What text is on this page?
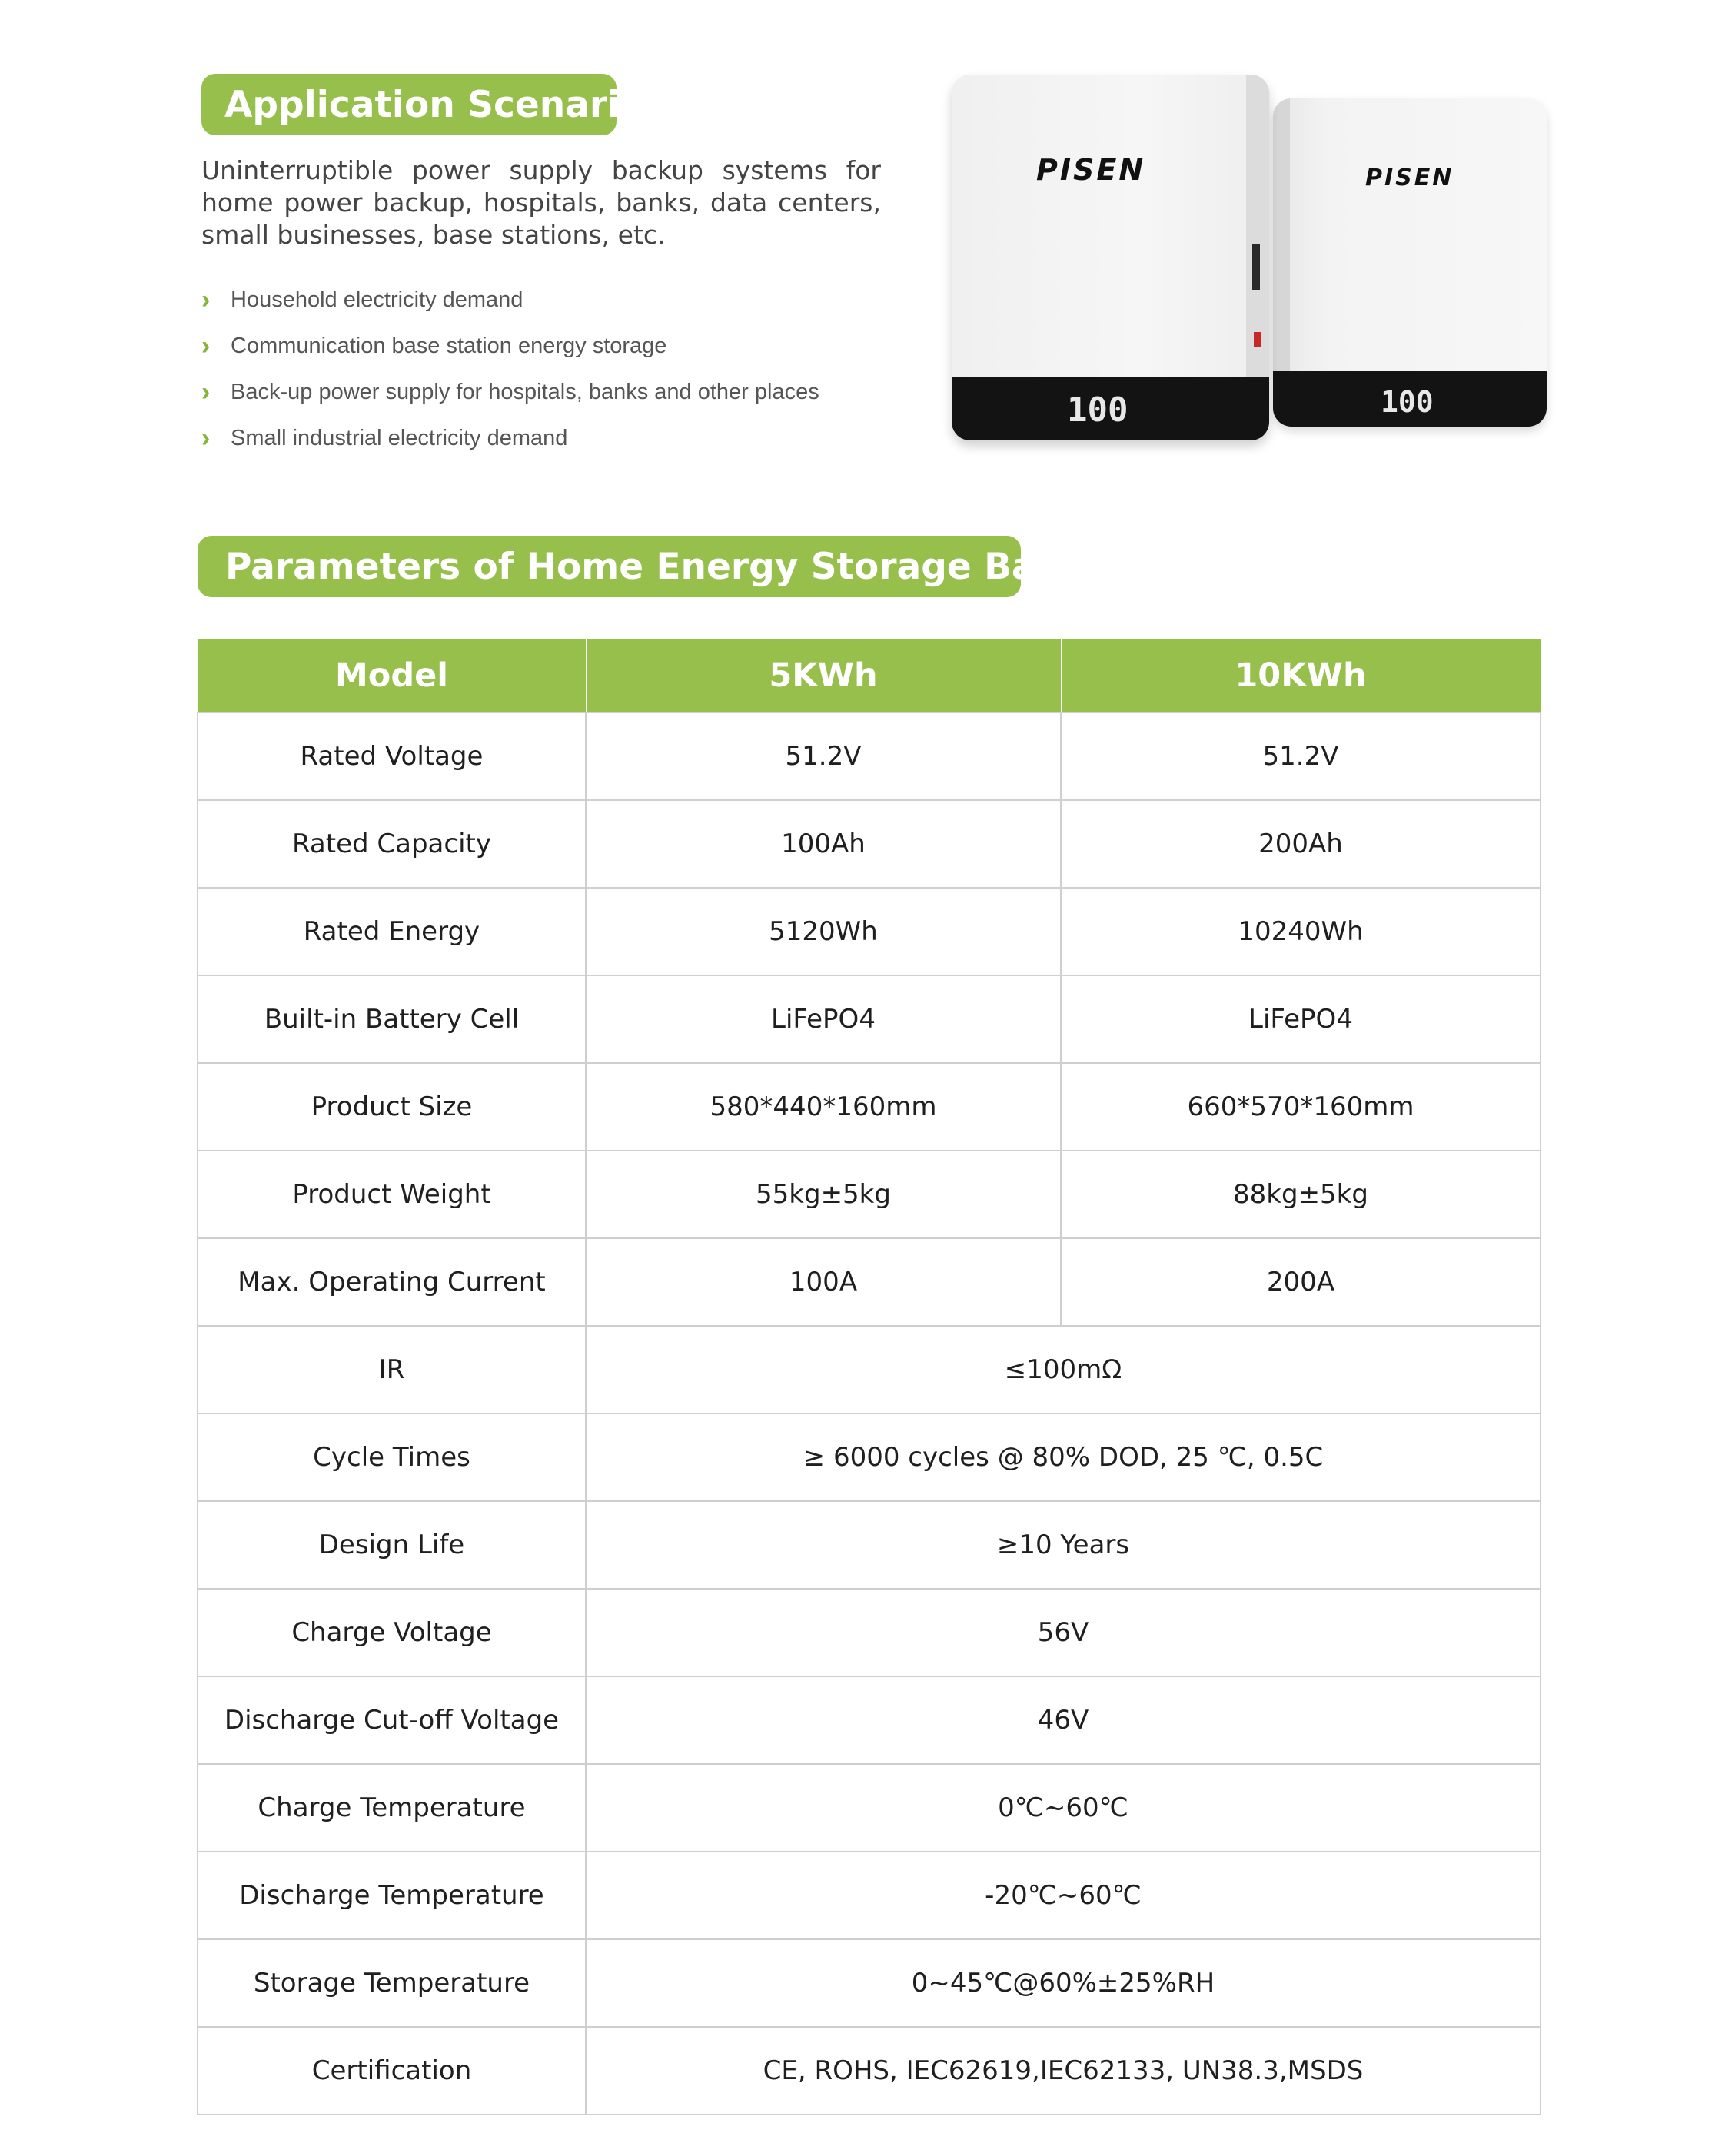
Application Scenarios
Uninterruptible power supply backup systems for home power backup, hospitals, banks, data centers, small businesses, base stations, etc.
› Household electricity demand
› Communication base station energy storage
› Back-up power supply for hospitals, banks and other places
› Small industrial electricity demand
PISEN
100
PISEN
100
Parameters of Home Energy Storage Battery
Model	5KWh	10KWh
Rated Voltage	51.2V	51.2V
Rated Capacity	100Ah	200Ah
Rated Energy	5120Wh	10240Wh
Built-in Battery Cell	LiFePO4	LiFePO4
Product Size	580*440*160mm	660*570*160mm
Product Weight	55kg±5kg	88kg±5kg
Max. Operating Current	100A	200A
IR	≤100mΩ	
Cycle Times	≥ 6000 cycles @ 80% DOD, 25 ℃, 0.5C	
Design Life	≥10 Years	
Charge Voltage	56V	
Discharge Cut-off Voltage	46V	
Charge Temperature	0℃~60℃	
Discharge Temperature	-20℃~60℃	
Storage Temperature	0~45℃@60%±25%RH	
Certification	CE, ROHS, IEC62619,IEC62133, UN38.3,MSDS	
